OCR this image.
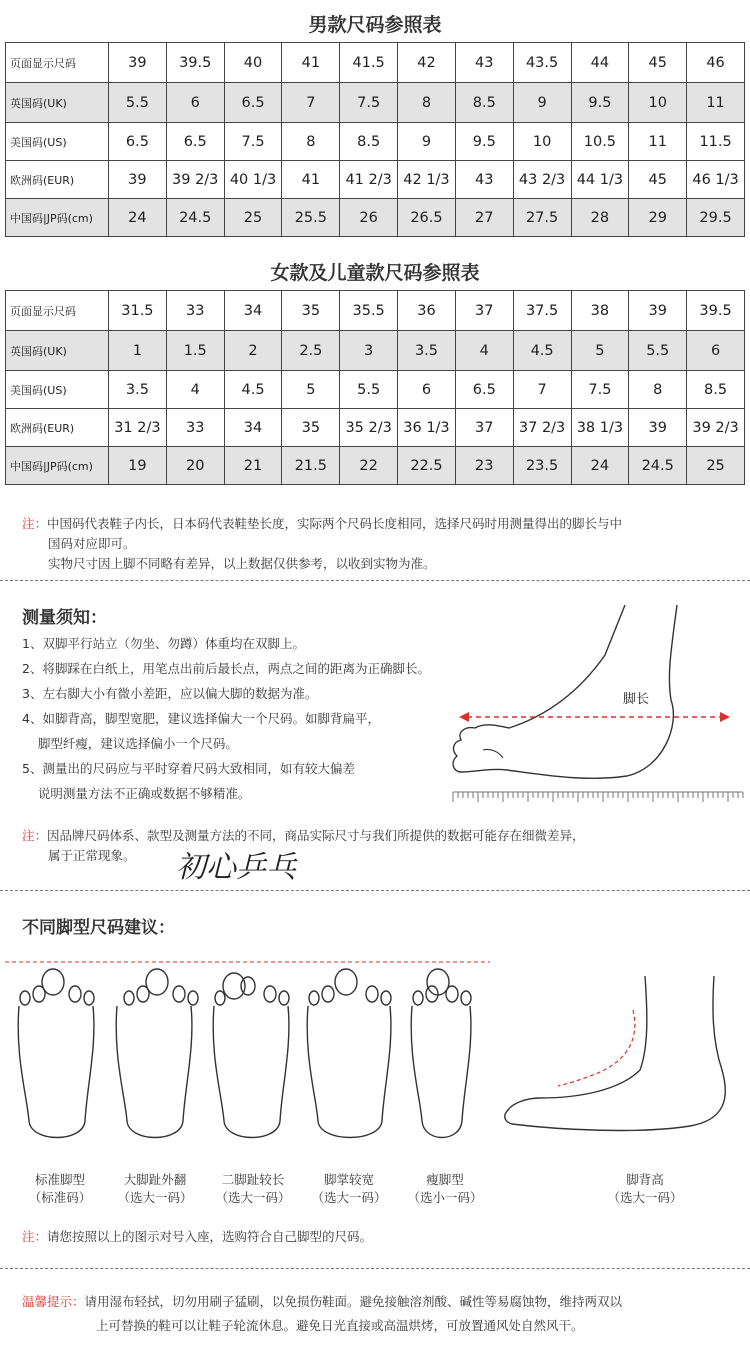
男款尺码参照表
页面显示尺码	39	39.5	40	41	41.5	42	43	43.5	44	45	46
英国码(UK)	5.5	6	6.5	7	7.5	8	8.5	9	9.5	10	11
美国码(US)	6.5	6.5	7.5	8	8.5	9	9.5	10	10.5	11	11.5
欧洲码(EUR)	39	39 2/3	40 1/3	41	41 2/3	42 1/3	43	43 2/3	44 1/3	45	46 1/3
中国码|JP码(cm)	24	24.5	25	25.5	26	26.5	27	27.5	28	29	29.5
女款及儿童款尺码参照表
页面显示尺码	31.5	33	34	35	35.5	36	37	37.5	38	39	39.5
英国码(UK)	1	1.5	2	2.5	3	3.5	4	4.5	5	5.5	6
美国码(US)	3.5	4	4.5	5	5.5	6	6.5	7	7.5	8	8.5
欧洲码(EUR)	31 2/3	33	34	35	35 2/3	36 1/3	37	37 2/3	38 1/3	39	39 2/3
中国码|JP码(cm)	19	20	21	21.5	22	22.5	23	23.5	24	24.5	25
注：中国码代表鞋子内长，日本码代表鞋垫长度，实际两个尺码长度相同，选择尺码时用测量得出的脚长与中
国码对应即可。
实物尺寸因上脚不同略有差异，以上数据仅供参考，以收到实物为准。
测量须知：
1、双脚平行站立（勿坐、勿蹲）体重均在双脚上。
2、将脚踩在白纸上，用笔点出前后最长点，两点之间的距离为正确脚长。
3、左右脚大小有微小差距，应以偏大脚的数据为准。
4、如脚背高，脚型宽肥，建议选择偏大一个尺码。如脚背扁平，
脚型纤瘦，建议选择偏小一个尺码。
5、测量出的尺码应与平时穿着尺码大致相同，如有较大偏差
说明测量方法不正确或数据不够精准。
脚长
注：因品牌尺码体系、款型及测量方法的不同，商品实际尺寸与我们所提供的数据可能存在细微差异，
属于正常现象。	初心乒乓
不同脚型尺码建议：
标准脚型
（标准码）
大脚趾外翻
（选大一码）
二脚趾较长
（选大一码）
脚掌较宽
（选大一码）
瘦脚型
（选小一码）
脚背高
（选大一码）
注：请您按照以上的图示对号入座，选购符合自己脚型的尺码。
温馨提示：请用湿布轻拭，切勿用刷子猛刷，以免损伤鞋面。避免接触溶剂酸、碱性等易腐蚀物，维持两双以
上可替换的鞋可以让鞋子轮流休息。避免日光直接或高温烘烤，可放置通风处自然风干。
